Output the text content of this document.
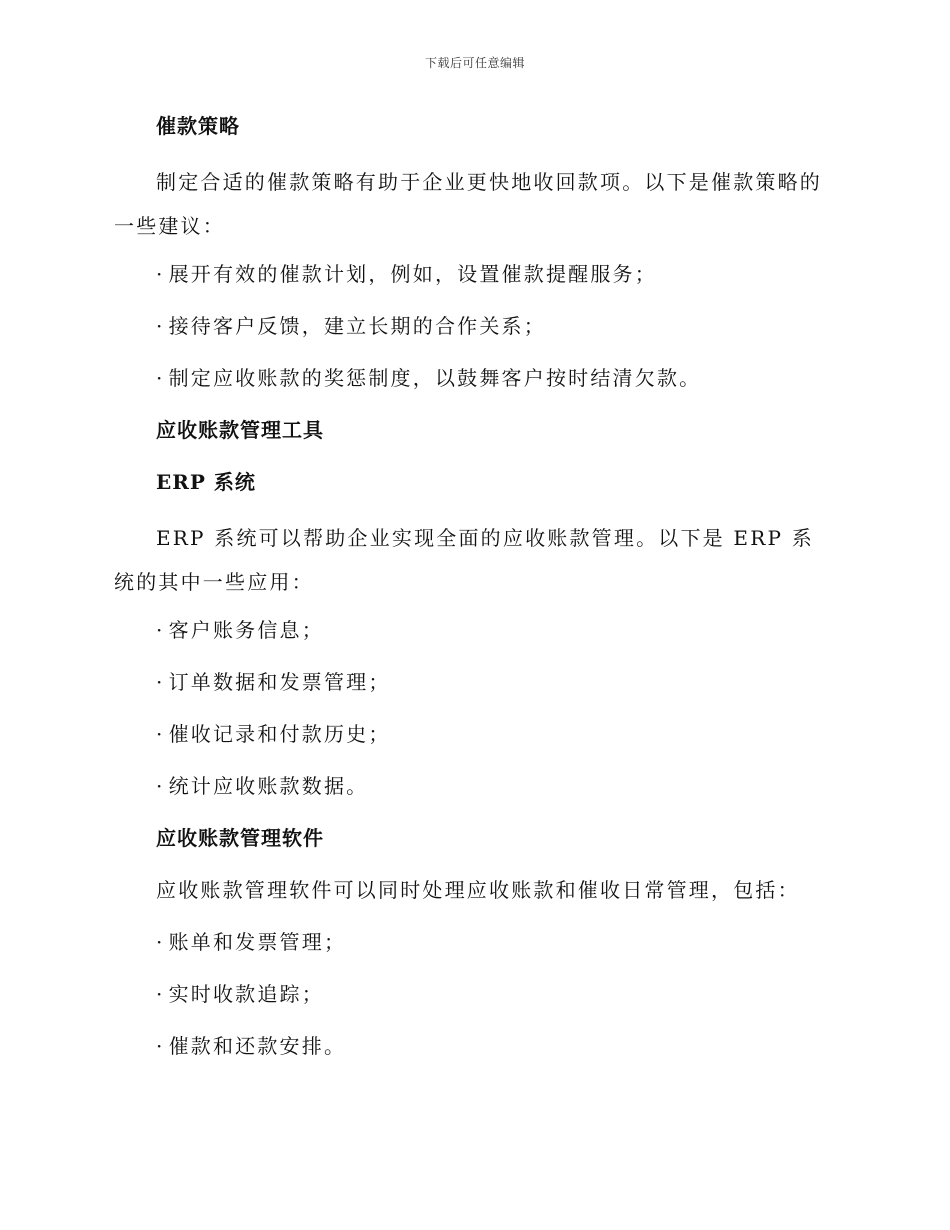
下载后可任意编辑
催款策略
制定合适的催款策略有助于企业更快地收回款项。以下是催款策略的一些建议：
· 展开有效的催款计划，例如，设置催款提醒服务；
· 接待客户反馈，建立长期的合作关系；
· 制定应收账款的奖惩制度，以鼓舞客户按时结清欠款。
应收账款管理工具
ERP 系统
ERP 系统可以帮助企业实现全面的应收账款管理。以下是 ERP 系统的其中一些应用：
· 客户账务信息；
· 订单数据和发票管理；
· 催收记录和付款历史；
· 统计应收账款数据。
应收账款管理软件
应收账款管理软件可以同时处理应收账款和催收日常管理，包括：
· 账单和发票管理；
· 实时收款追踪；
· 催款和还款安排。
